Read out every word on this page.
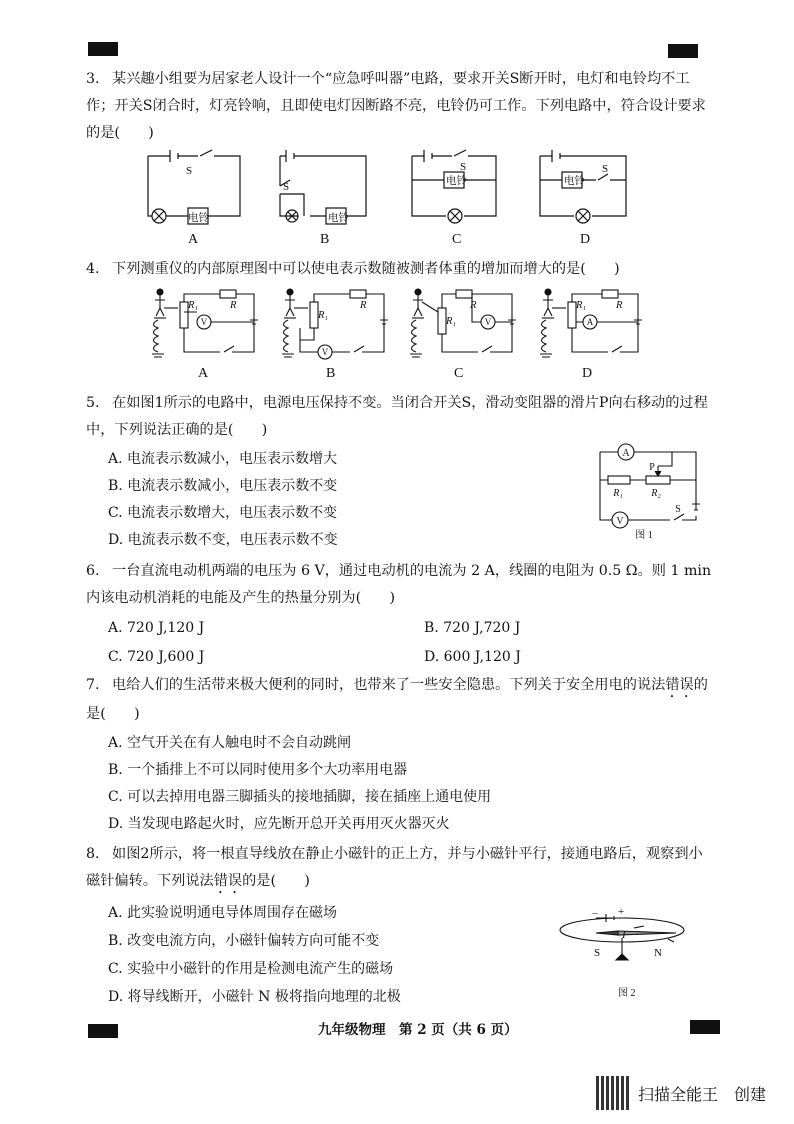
3. 某兴趣小组要为居家老人设计一个“应急呼叫器”电路，要求开关S断开时，电灯和电铃均不工作；开关S闭合时，灯亮铃响，且即使电灯因断路不亮，电铃仍可工作。下列电路中，符合设计要求的是(　　)
电铃	电铃
电铃	电铃
S
S
S	S
A	B	C	D
4. 下列测重仪的内部原理图中可以使电表示数随被测者体重的增加而增大的是(　　)
R₁	R
R₁
R
R₁
R	R₁	R
V
V
V	A
A	B	C	D
5. 在如图1所示的电路中，电源电压保持不变。当闭合开关S，滑动变阻器的滑片P向右移动的过程中，下列说法正确的是(　　)
A. 电流表示数减小，电压表示数增大
B. 电流表示数减小，电压表示数不变
C. 电流表示数增大，电压表示数不变
D. 电流表示数不变，电压表示数不变
A
V
P
R₁	R₂
S
图 1
6. 一台直流电动机两端的电压为 6 V，通过电动机的电流为 2 A，线圈的电阻为 0.5 Ω。则 1 min 内该电动机消耗的电能及产生的热量分别为(　　)
A. 720 J,120 J	B. 720 J,720 J
C. 720 J,600 J	D. 600 J,120 J
7. 电给人们的生活带来极大便利的同时，也带来了一些安全隐患。下列关于安全用电的说法错误的是(　　)
A. 空气开关在有人触电时不会自动跳闸
B. 一个插排上不可以同时使用多个大功率用电器
C. 可以去掉用电器三脚插头的接地插脚，接在插座上通电使用
D. 当发现电路起火时，应先断开总开关再用灭火器灭火
8. 如图2所示，将一根直导线放在静止小磁针的正上方，并与小磁针平行，接通电路后，观察到小磁针偏转。下列说法错误的是(　　)
A. 此实验说明通电导体周围存在磁场
B. 改变电流方向，小磁针偏转方向可能不变
C. 实验中小磁针的作用是检测电流产生的磁场
D. 将导线断开，小磁针 N 极将指向地理的北极
− +
I
S	N
图 2
九年级物理　第 2 页（共 6 页）
扫描全能王　创建
